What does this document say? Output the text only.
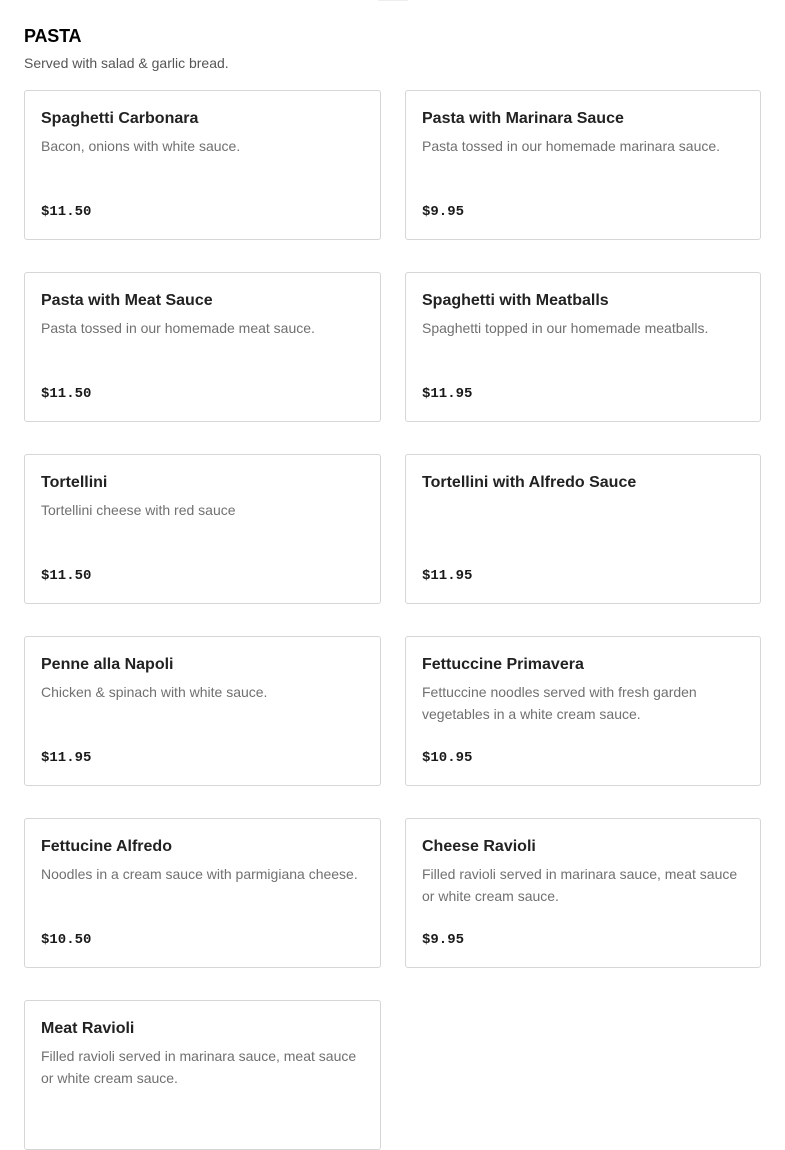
PASTA

Served with salad & garlic bread.

Spaghetti Carbonara
Bacon, onions with white sauce.
$11.50
Pasta with Marinara Sauce
Pasta tossed in our homemade marinara sauce.
$9.95
Pasta with Meat Sauce
Pasta tossed in our homemade meat sauce.
$11.50
Spaghetti with Meatballs
Spaghetti topped in our homemade meatballs.
$11.95
Tortellini
Tortellini cheese with red sauce
$11.50
Tortellini with Alfredo Sauce
$11.95
Penne alla Napoli
Chicken & spinach with white sauce.
$11.95
Fettuccine Primavera
Fettuccine noodles served with fresh garden vegetables in a white cream sauce.
$10.95
Fettucine Alfredo
Noodles in a cream sauce with parmigiana cheese.
$10.50
Cheese Ravioli
Filled ravioli served in marinara sauce, meat sauce or white cream sauce.
$9.95
Meat Ravioli
Filled ravioli served in marinara sauce, meat sauce or white cream sauce.
